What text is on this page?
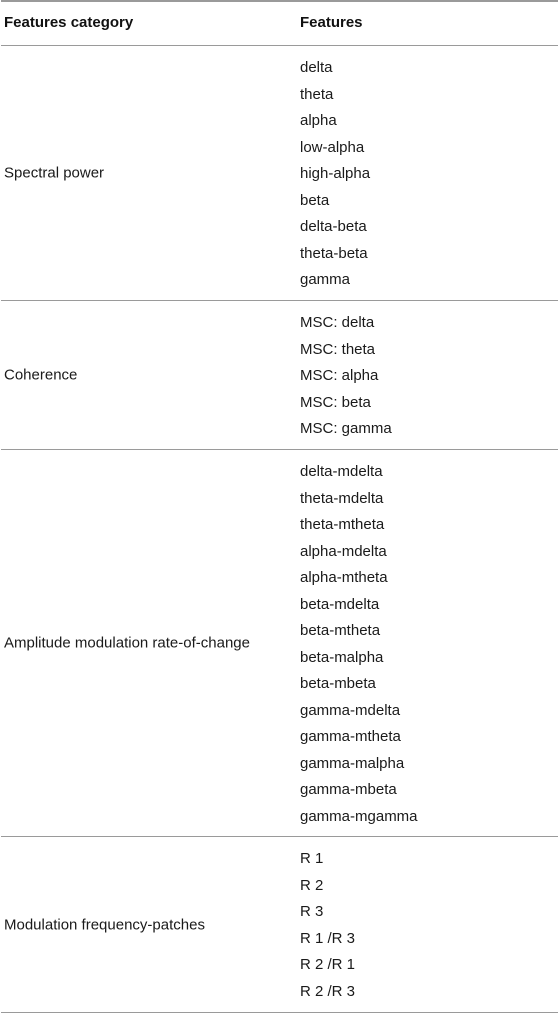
Features category	Features
Spectral power
delta
theta
alpha
low-alpha
high-alpha
beta
delta-beta
theta-beta
gamma
Coherence
MSC: delta
MSC: theta
MSC: alpha
MSC: beta
MSC: gamma
Amplitude modulation rate-of-change
delta-mdelta
theta-mdelta
theta-mtheta
alpha-mdelta
alpha-mtheta
beta-mdelta
beta-mtheta
beta-malpha
beta-mbeta
gamma-mdelta
gamma-mtheta
gamma-malpha
gamma-mbeta
gamma-mgamma
Modulation frequency-patches
R 1
R 2
R 3
R 1 /R 3
R 2 /R 1
R 2 /R 3
